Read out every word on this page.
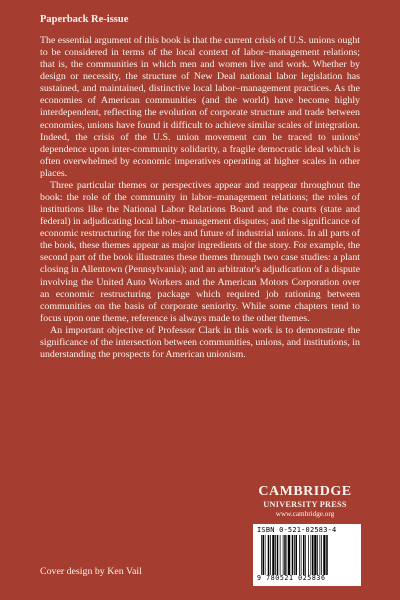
Paperback Re-issue

The essential argument of this book is that the current crisis of U.S. unions ought to be considered in terms of the local context of labor–management relations; that is, the communities in which men and women live and work. Whether by design or necessity, the structure of New Deal national labor legislation has sustained, and maintained, distinctive local labor–management practices. As the economies of American communities (and the world) have become highly interdependent, reflecting the evolution of corporate structure and trade between economies, unions have found it difficult to achieve similar scales of integration. Indeed, the crisis of the U.S. union movement can be traced to unions' dependence upon inter-community solidarity, a fragile democratic ideal which is often overwhelmed by economic imperatives operating at higher scales in other places.

Three particular themes or perspectives appear and reappear throughout the book: the role of the community in labor–management relations; the roles of institutions like the National Labor Relations Board and the courts (state and federal) in adjudicating local labor–management disputes; and the significance of economic restructuring for the roles and future of industrial unions. In all parts of the book, these themes appear as major ingredients of the story. For example, the second part of the book illustrates these themes through two case studies: a plant closing in Allentown (Pennsylvania); and an arbitrator's adjudication of a dispute involving the United Auto Workers and the American Motors Corporation over an economic restructuring package which required job rationing between communities on the basis of corporate seniority. While some chapters tend to focus upon one theme, reference is always made to the other themes.

An important objective of Professor Clark in this work is to demonstrate the significance of the intersection between communities, unions, and institutions, in understanding the prospects for American unionism.

CAMBRIDGE
UNIVERSITY PRESS
www.cambridge.org
ISBN 0-521-02583-4
9 780521 025836
Cover design by Ken Vail
